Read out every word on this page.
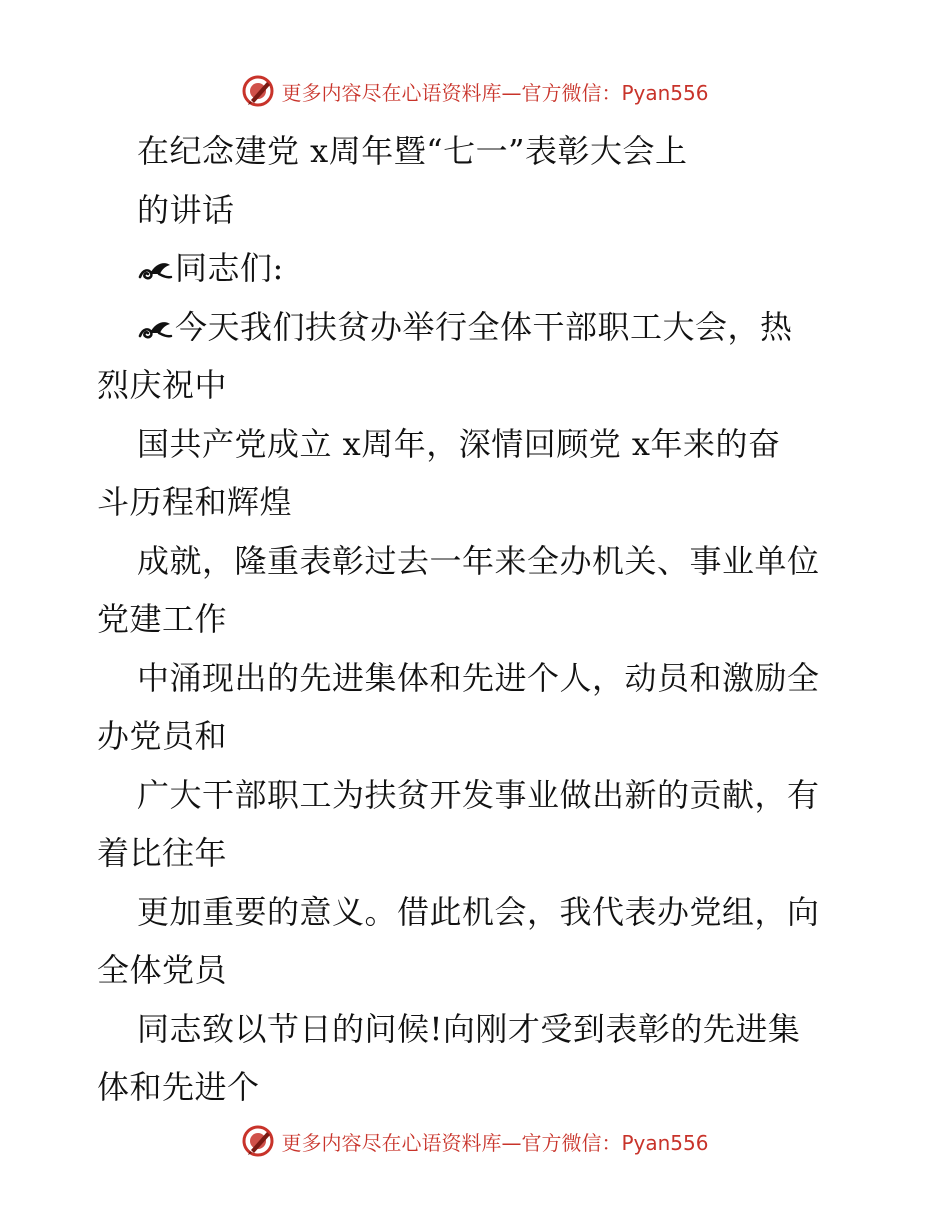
更多内容尽在心语资料库—官方微信：Pyan556
在纪念建党 x周年暨“七一”表彰大会上
的讲话
同志们:
今天我们扶贫办举行全体干部职工大会，热
烈庆祝中
国共产党成立 x周年，深情回顾党 x年来的奋
斗历程和辉煌
成就，隆重表彰过去一年来全办机关、事业单位
党建工作
中涌现出的先进集体和先进个人，动员和激励全
办党员和
广大干部职工为扶贫开发事业做出新的贡献，有
着比往年
更加重要的意义。借此机会，我代表办党组，向
全体党员
同志致以节日的问候!向刚才受到表彰的先进集
体和先进个
更多内容尽在心语资料库—官方微信：Pyan556
